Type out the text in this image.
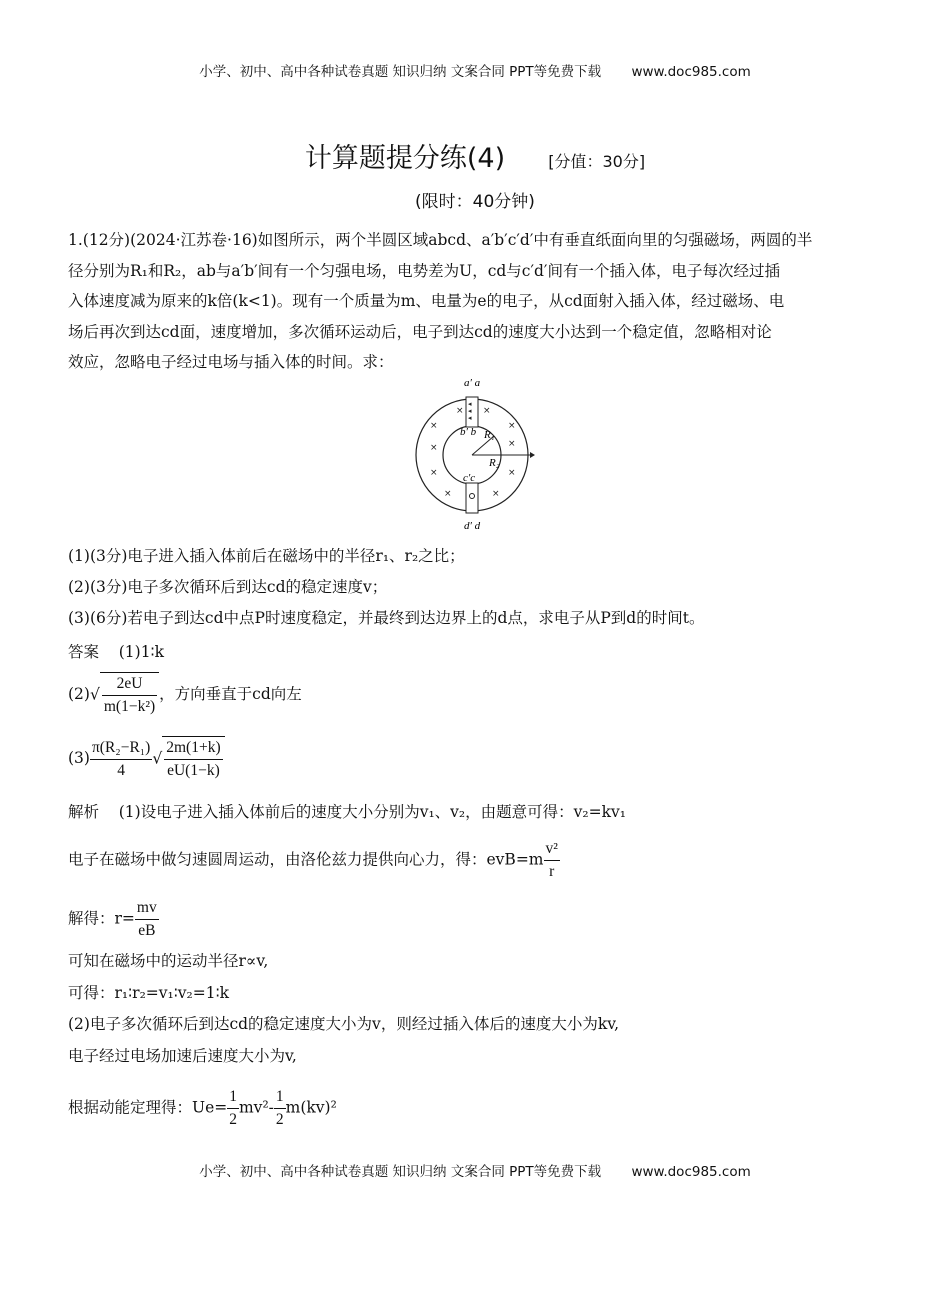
小学、初中、高中各种试卷真题 知识归纳 文案合同 PPT等免费下载 www.doc985.com
小学、初中、高中各种试卷真题 知识归纳 文案合同 PPT等免费下载 www.doc985.com
计算题提分练(4)	[分值：30分]
(限时：40分钟)
1.(12分)(2024·江苏卷·16)如图所示，两个半圆区域abcd、a′b′c′d′中有垂直纸面向里的匀强磁场，两圆的半
径分别为R₁和R₂，ab与a′b′间有一个匀强电场，电势差为U，cd与c′d′间有一个插入体，电子每次经过插
入体速度减为原来的k倍(k<1)。现有一个质量为m、电量为e的电子，从cd面射入插入体，经过磁场、电
场后再次到达cd面，速度增加，多次循环运动后，电子到达cd的速度大小达到一个稳定值，忽略相对论
效应，忽略电子经过电场与插入体的时间。求：
a′ a
◂
◂
◂
b′ b R₁
R₂
c′c
d′ d
× ×
×	×
×	×
×	×
×	×
(1)(3分)电子进入插入体前后在磁场中的半径r₁、r₂之比；
(2)(3分)电子多次循环后到达cd的稳定速度v；
(3)(6分)若电子到达cd中点P时速度稳定，并最终到达边界上的d点，求电子从P到d的时间t。
答案 (1)1∶k
$(2)√ \frac{2eU}{\text{m(1−k²)}}$ ，方向垂直于cd向左
$(3) \frac{\text{π(R₂−R₁)}}{4}$ √ $\frac{2m(1+k)}{eU(1-k)}$
解析 (1)设电子进入插入体前后的速度大小分别为v₁、v₂，由题意可得：v₂=kv₁
电子在磁场中做匀速圆周运动，由洛伦兹力提供向心力，得：$evB=m \frac{\text{v²}}{r}$
解得：$r= \frac{mv}{eB}$
可知在磁场中的运动半径r∝v,
可得：r₁∶r₂=v₁∶v₂=1∶k
(2)电子多次循环后到达cd的稳定速度大小为v，则经过插入体后的速度大小为kv,
电子经过电场加速后速度大小为v,
根据动能定理得：$Ue= \frac{1}{2} mv^2- \frac{1}{2} m(kv)^2$
